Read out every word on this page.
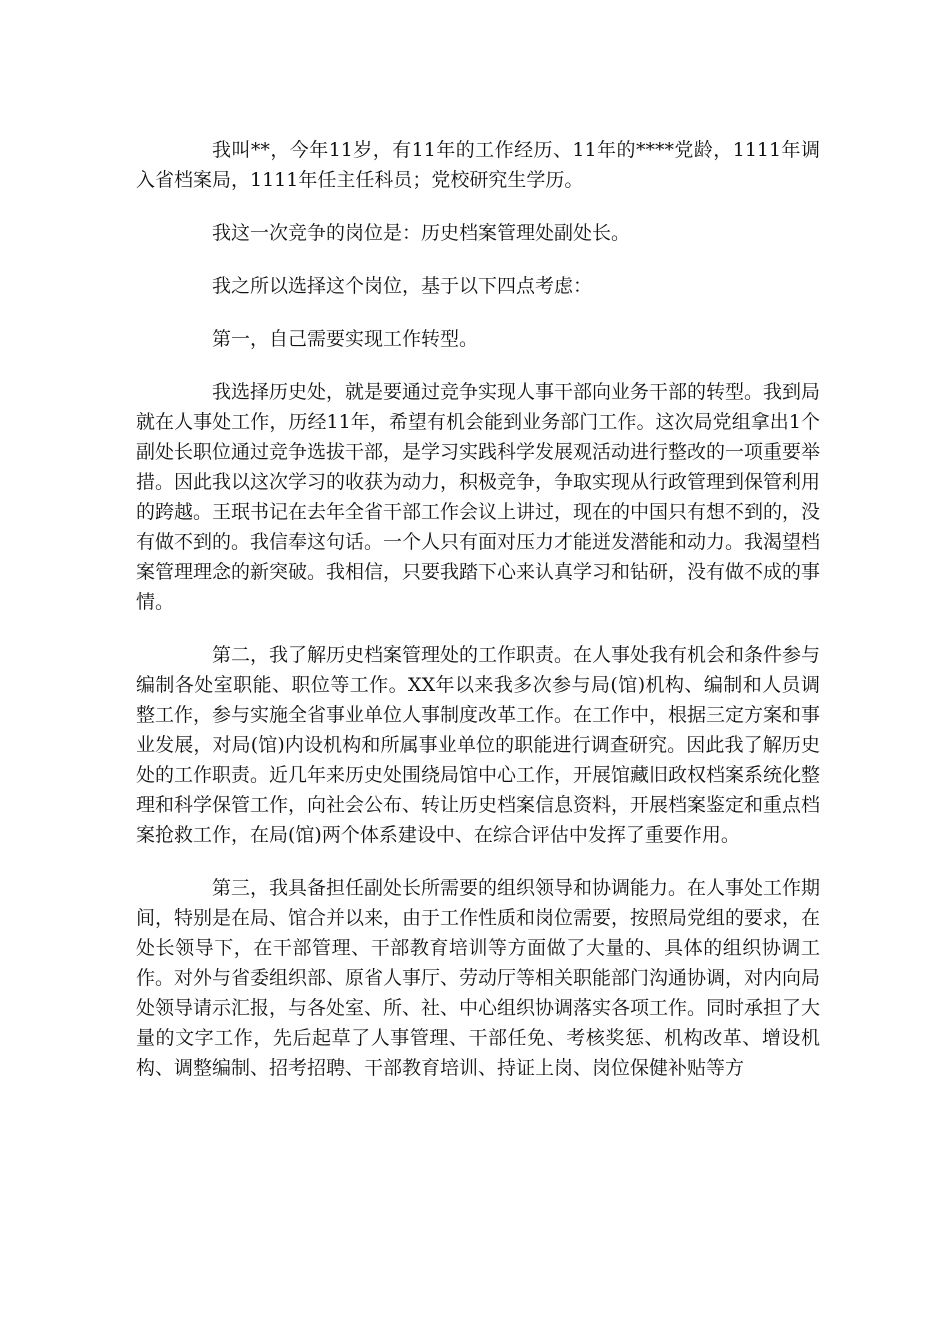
我叫**，今年11岁，有11年的工作经历、11年的****党龄，1111年调入省档案局，1111年任主任科员；党校研究生学历。

我这一次竞争的岗位是：历史档案管理处副处长。

我之所以选择这个岗位，基于以下四点考虑：

第一，自己需要实现工作转型。

我选择历史处，就是要通过竞争实现人事干部向业务干部的转型。我到局就在人事处工作，历经11年，希望有机会能到业务部门工作。这次局党组拿出1个副处长职位通过竞争选拔干部，是学习实践科学发展观活动进行整改的一项重要举措。因此我以这次学习的收获为动力，积极竞争，争取实现从行政管理到保管利用的跨越。王珉书记在去年全省干部工作会议上讲过，现在的中国只有想不到的，没有做不到的。我信奉这句话。一个人只有面对压力才能迸发潜能和动力。我渴望档案管理理念的新突破。我相信，只要我踏下心来认真学习和钻研，没有做不成的事情。

第二，我了解历史档案管理处的工作职责。在人事处我有机会和条件参与编制各处室职能、职位等工作。XX年以来我多次参与局(馆)机构、编制和人员调整工作，参与实施全省事业单位人事制度改革工作。在工作中，根据三定方案和事业发展，对局(馆)内设机构和所属事业单位的职能进行调查研究。因此我了解历史处的工作职责。近几年来历史处围绕局馆中心工作，开展馆藏旧政权档案系统化整理和科学保管工作，向社会公布、转让历史档案信息资料，开展档案鉴定和重点档案抢救工作，在局(馆)两个体系建设中、在综合评估中发挥了重要作用。

第三，我具备担任副处长所需要的组织领导和协调能力。在人事处工作期间，特别是在局、馆合并以来，由于工作性质和岗位需要，按照局党组的要求，在处长领导下，在干部管理、干部教育培训等方面做了大量的、具体的组织协调工作。对外与省委组织部、原省人事厅、劳动厅等相关职能部门沟通协调，对内向局处领导请示汇报，与各处室、所、社、中心组织协调落实各项工作。同时承担了大量的文字工作，先后起草了人事管理、干部任免、考核奖惩、机构改革、增设机构、调整编制、招考招聘、干部教育培训、持证上岗、岗位保健补贴等方
